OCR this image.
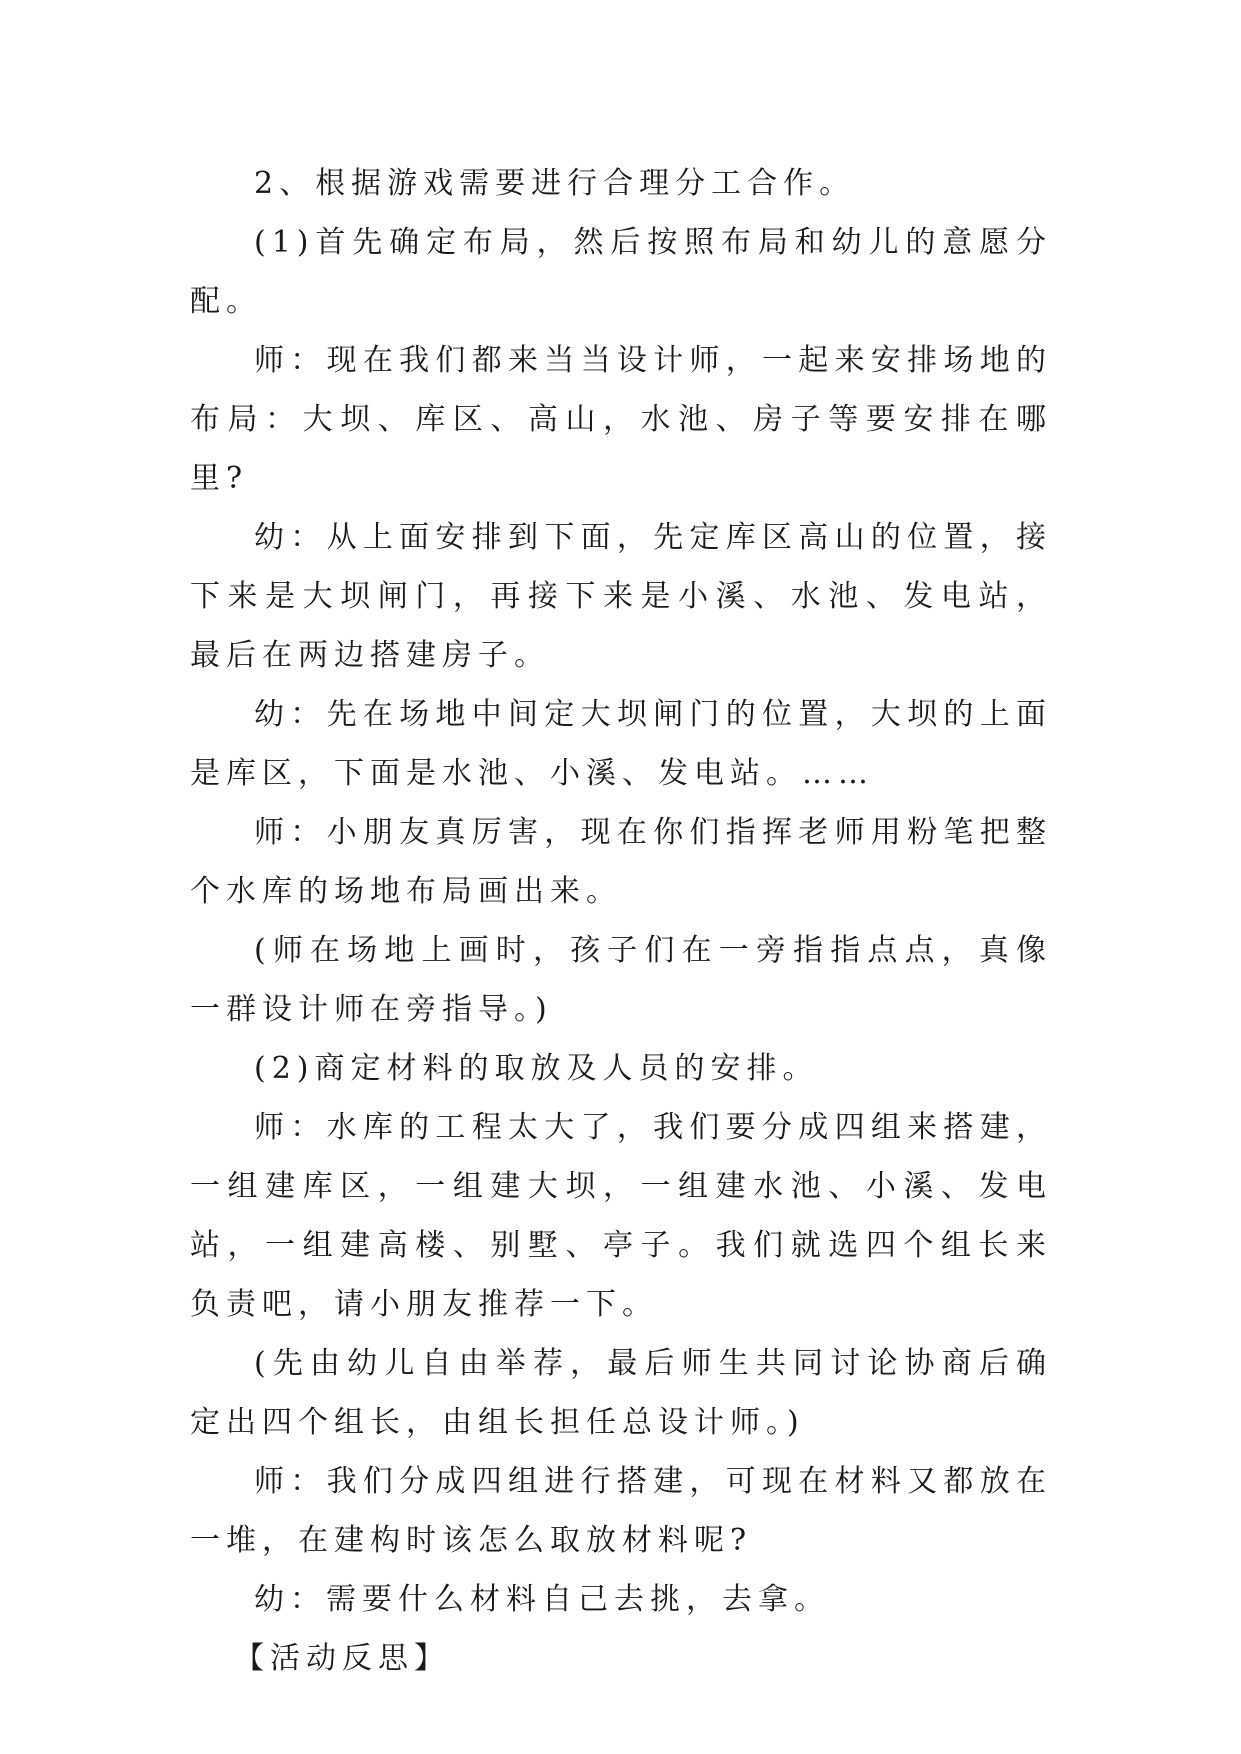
2、根据游戏需要进行合理分工合作。

(1)首先确定布局，然后按照布局和幼儿的意愿分配。

师：现在我们都来当当设计师，一起来安排场地的布局：大坝、库区、高山，水池、房子等要安排在哪里?

幼：从上面安排到下面，先定库区高山的位置，接下来是大坝闸门，再接下来是小溪、水池、发电站，最后在两边搭建房子。

幼：先在场地中间定大坝闸门的位置，大坝的上面是库区，下面是水池、小溪、发电站。……

师：小朋友真厉害，现在你们指挥老师用粉笔把整个水库的场地布局画出来。

(师在场地上画时，孩子们在一旁指指点点，真像一群设计师在旁指导。)

(2)商定材料的取放及人员的安排。

师：水库的工程太大了，我们要分成四组来搭建，一组建库区，一组建大坝，一组建水池、小溪、发电站，一组建高楼、别墅、亭子。我们就选四个组长来负责吧，请小朋友推荐一下。

(先由幼儿自由举荐，最后师生共同讨论协商后确定出四个组长，由组长担任总设计师。)

师：我们分成四组进行搭建，可现在材料又都放在一堆，在建构时该怎么取放材料呢?

幼：需要什么材料自己去挑，去拿。

【活动反思】
